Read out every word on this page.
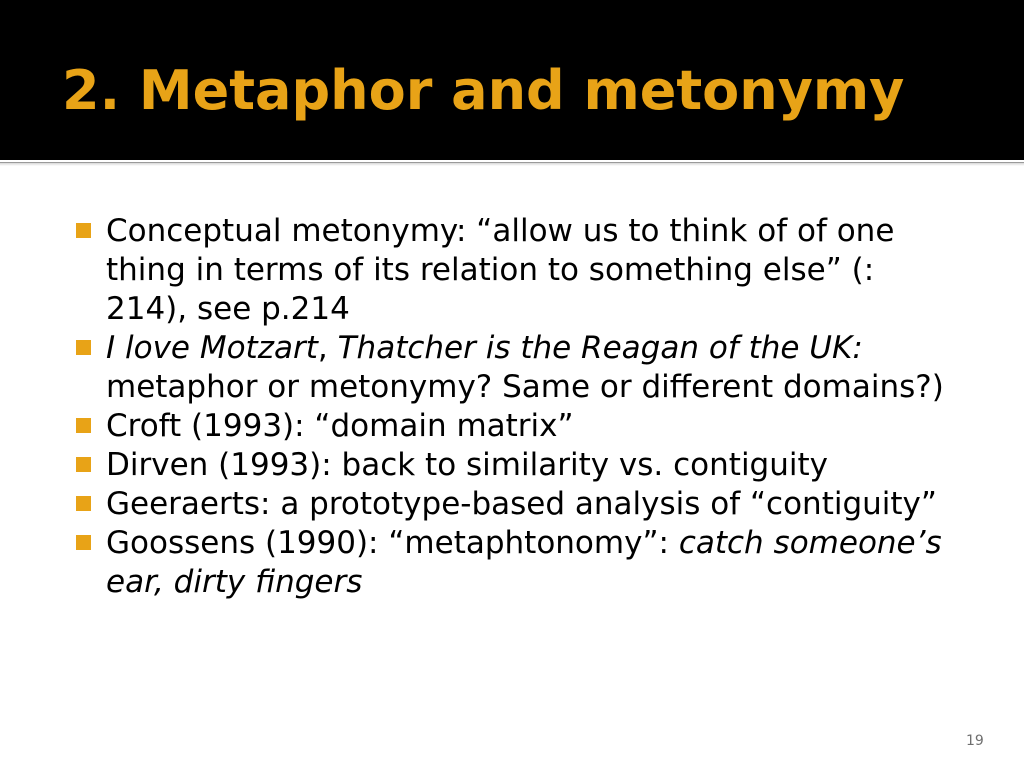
2. Metaphor and metonymy
Conceptual metonymy: “allow us to think of of one thing in terms of its relation to something else” (: 214), see p.214
I love Motzart, Thatcher is the Reagan of the UK: metaphor or metonymy? Same or different domains?)
Croft (1993): “domain matrix”
Dirven (1993): back to similarity vs. contiguity
Geeraerts: a prototype-based analysis of “contiguity”
Goossens (1990): “metaphtonomy”: catch someone’s ear, dirty fingers
19
